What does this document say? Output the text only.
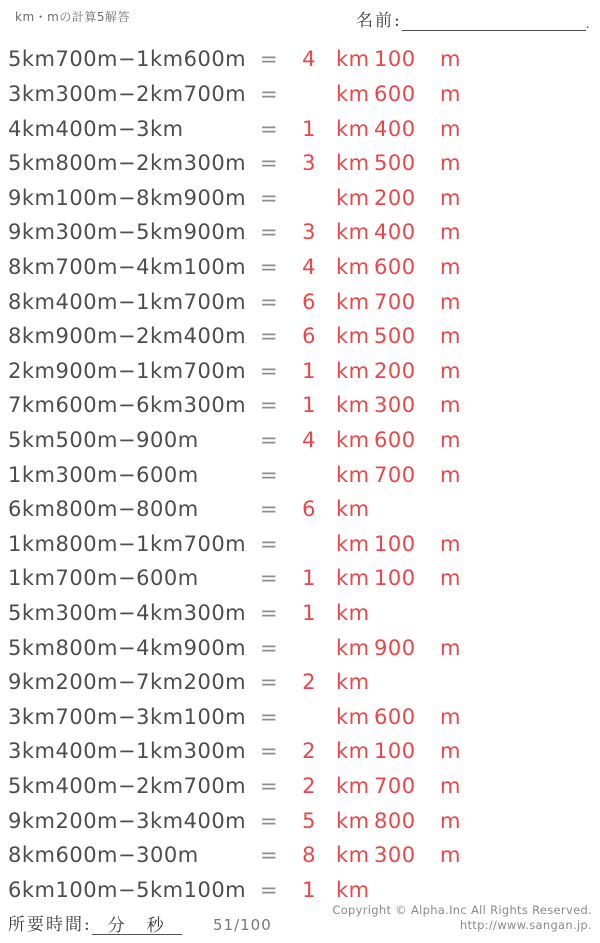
km・mの計算5解答	名前:	.
5km700m−1km600m = 4 km 100 m
3km300m−2km700m =	km 600 m
4km400m−3km	= 1 km 400 m
5km800m−2km300m = 3 km 500 m
9km100m−8km900m =	km 200 m
9km300m−5km900m = 3 km 400 m
8km700m−4km100m = 4 km 600 m
8km400m−1km700m = 6 km 700 m
8km900m−2km400m = 6 km 500 m
2km900m−1km700m = 1 km 200 m
7km600m−6km300m = 1 km 300 m
5km500m−900m	= 4 km 600 m
1km300m−600m	=	km 700 m
6km800m−800m	= 6 km
1km800m−1km700m =	km 100 m
1km700m−600m	= 1 km 100 m
5km300m−4km300m = 1 km
5km800m−4km900m =	km 900 m
9km200m−7km200m = 2 km
3km700m−3km100m =	km 600 m
3km400m−1km300m = 2 km 100 m
5km400m−2km700m = 2 km 700 m
9km200m−3km400m = 5 km 800 m
8km600m−300m	= 8 km 300 m
6km100m−5km100m = 1 km
所要時間: 分 秒	51/100
Copyright © Alpha.Inc All Rights Reserved.
http://www.sangan.jp.
